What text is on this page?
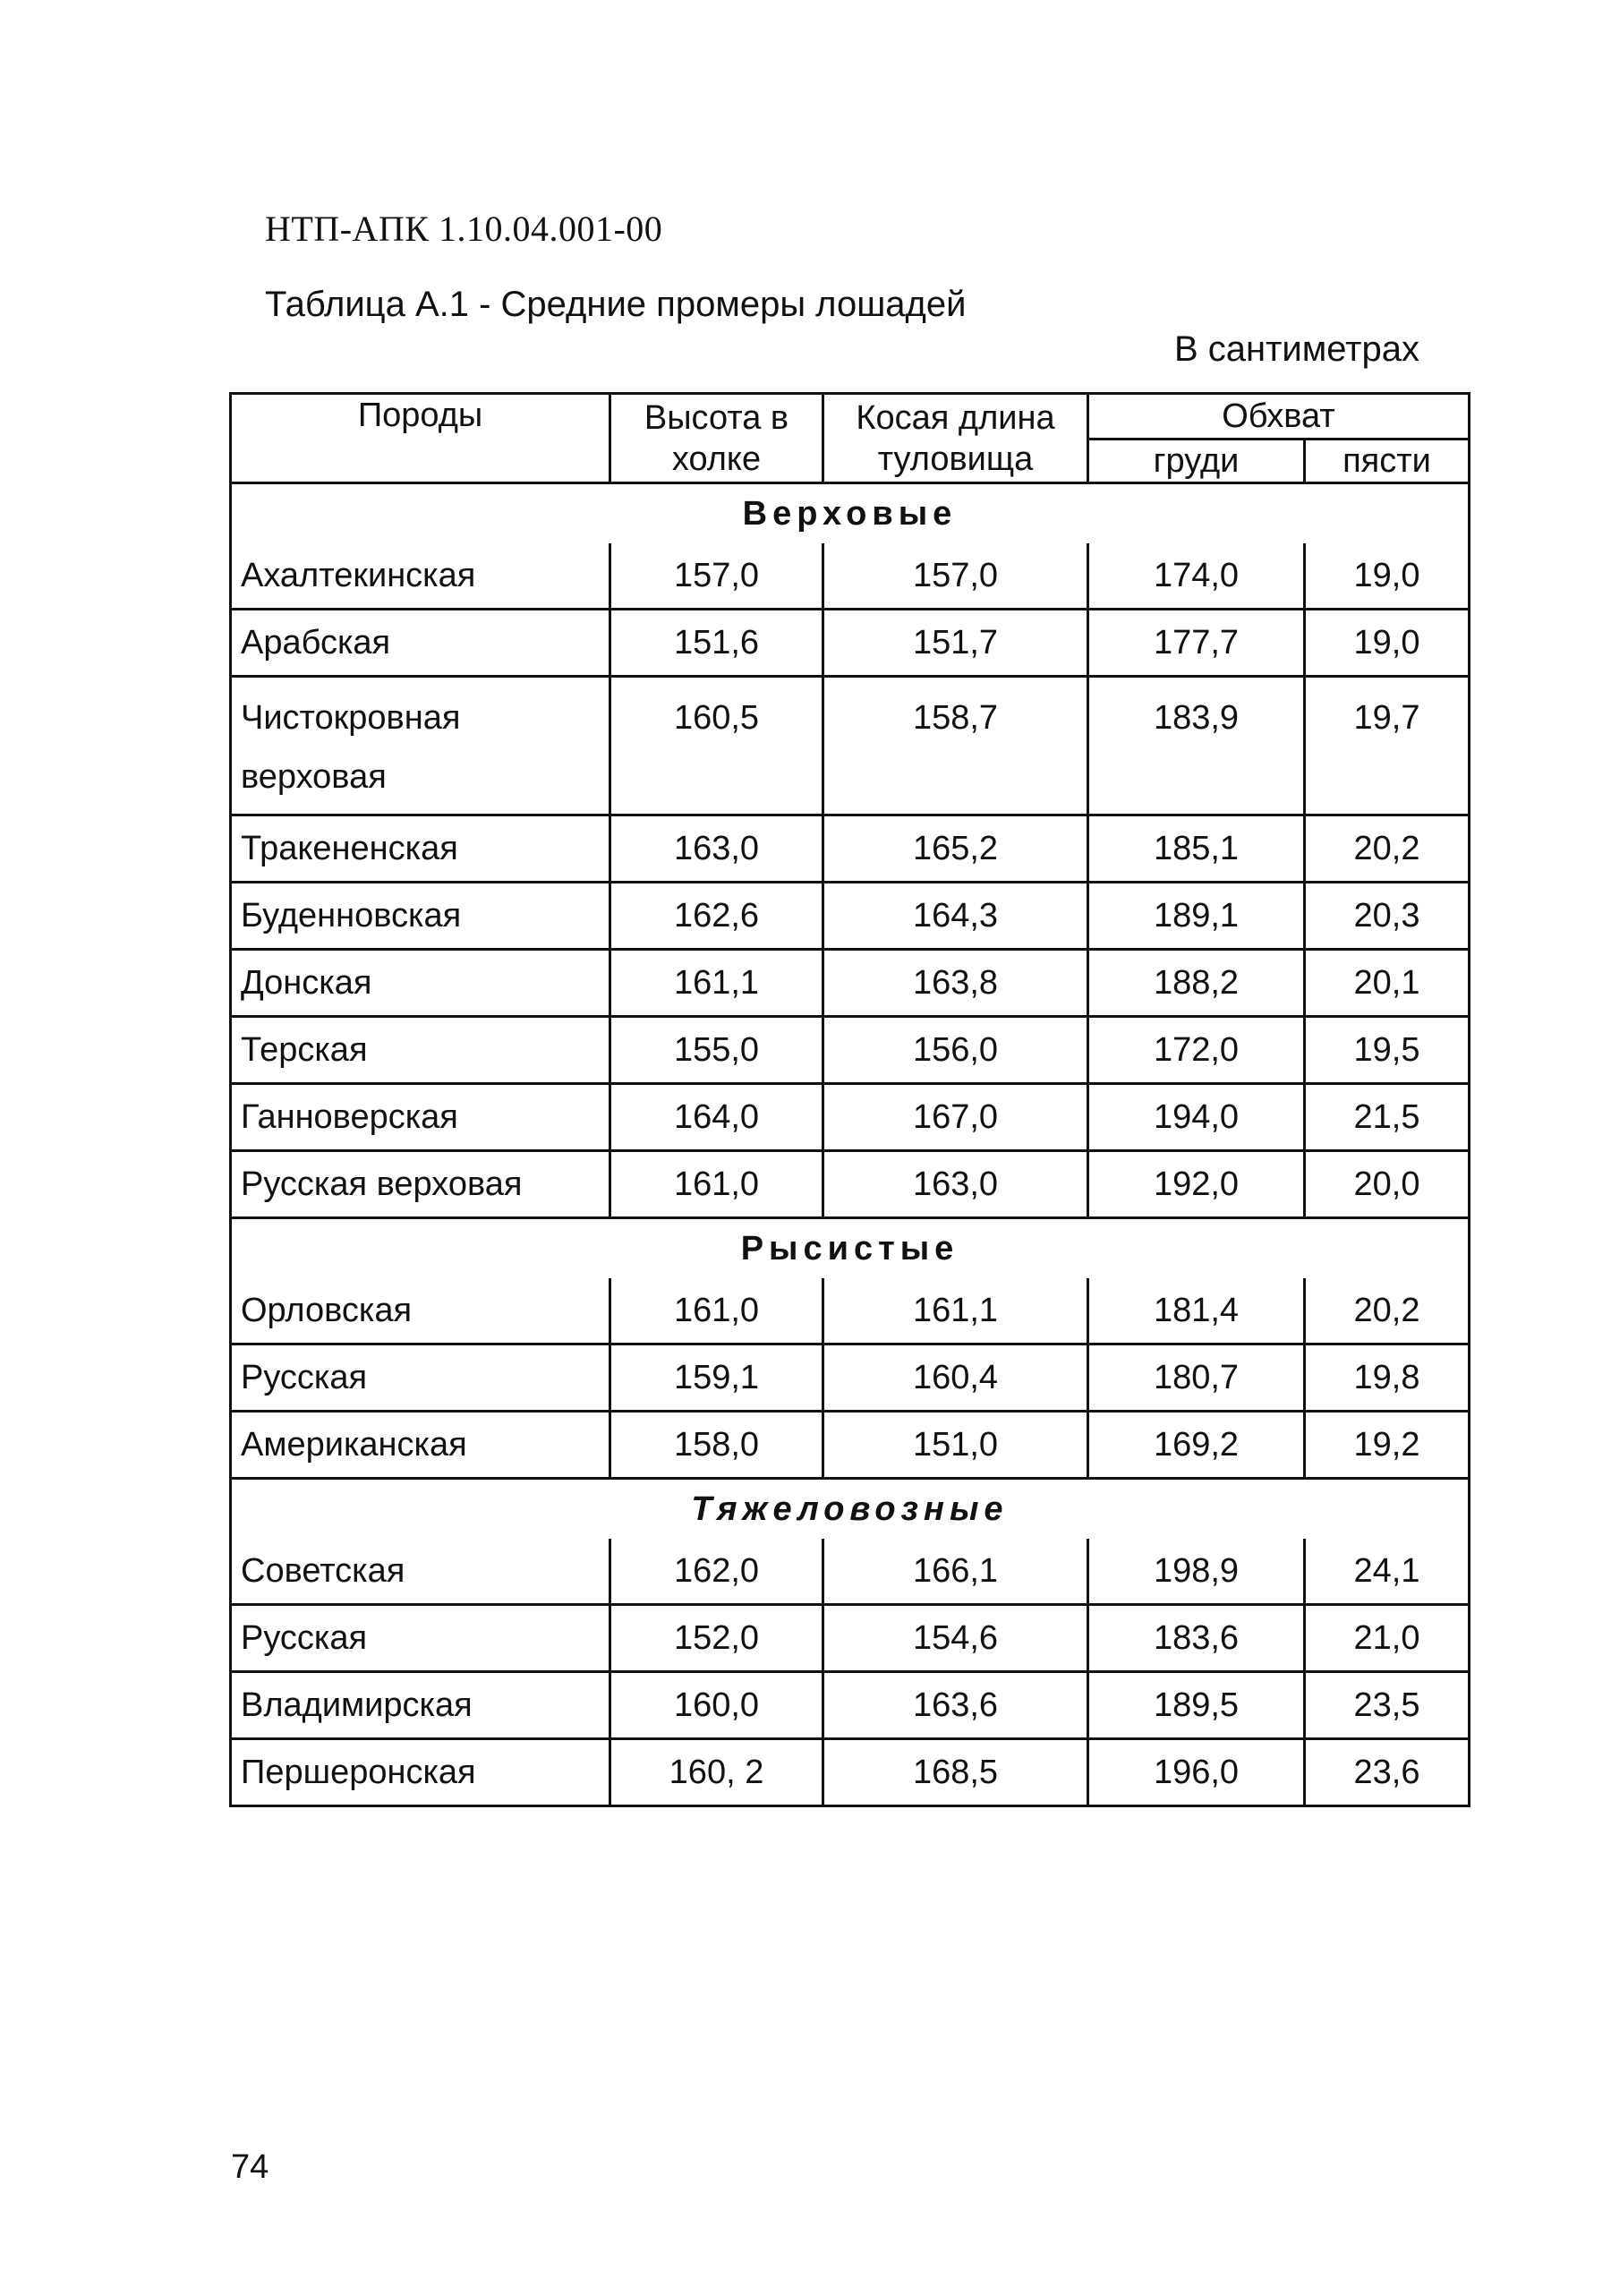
НТП-АПК 1.10.04.001-00

Таблица А.1 - Средние промеры лошадей

В сантиметрах

Породы	Высота в холке	Косая длина туловища	Обхват	
			груди	пясти
Верховые				
Ахалтекинская	157,0	157,0	174,0	19,0
Арабская	151,6	151,7	177,7	19,0

Чистокровная верховая	160,5	158,7	183,9	19,7
Тракененская	163,0	165,2	185,1	20,2
Буденновская	162,6	164,3	189,1	20,3
Донская	161,1	163,8	188,2	20,1
Терская	155,0	156,0	172,0	19,5
Ганноверская	164,0	167,0	194,0	21,5
Русская верховая	161,0	163,0	192,0	20,0
Рысистые				
Орловская	161,0	161,1	181,4	20,2
Русская	159,1	160,4	180,7	19,8
Американская	158,0	151,0	169,2	19,2
Тяжеловозные				
Советская	162,0	166,1	198,9	24,1
Русская	152,0	154,6	183,6	21,0
Владимирская	160,0	163,6	189,5	23,5
Першеронская	160, 2	168,5	196,0	23,6

74
